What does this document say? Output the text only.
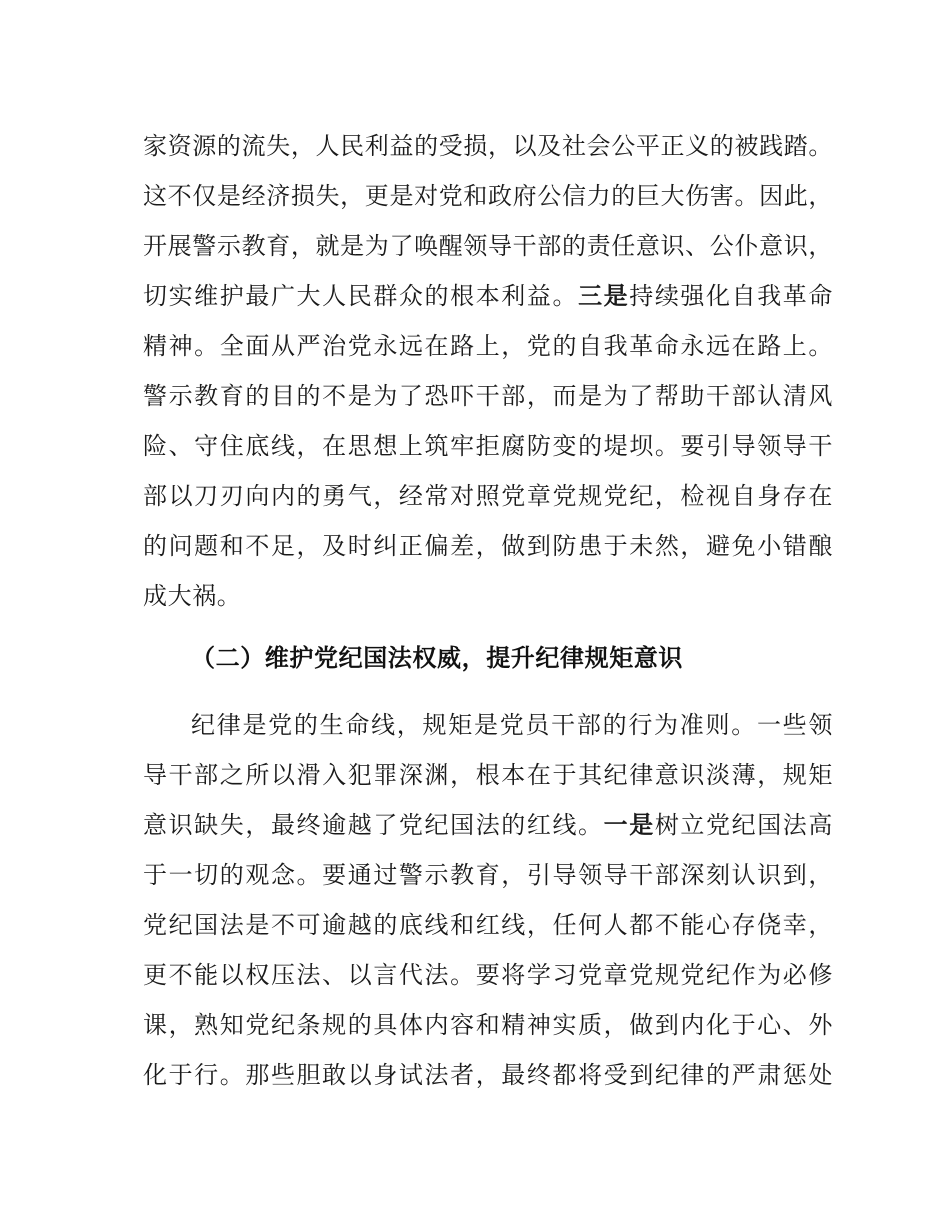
家资源的流失，人民利益的受损，以及社会公平正义的被践踏。
这不仅是经济损失，更是对党和政府公信力的巨大伤害。因此，
开展警示教育，就是为了唤醒领导干部的责任意识、公仆意识，
切实维护最广大人民群众的根本利益。三是持续强化自我革命
精神。全面从严治党永远在路上，党的自我革命永远在路上。
警示教育的目的不是为了恐吓干部，而是为了帮助干部认清风
险、守住底线，在思想上筑牢拒腐防变的堤坝。要引导领导干
部以刀刃向内的勇气，经常对照党章党规党纪，检视自身存在
的问题和不足，及时纠正偏差，做到防患于未然，避免小错酿
成大祸。
（二）维护党纪国法权威，提升纪律规矩意识
纪律是党的生命线，规矩是党员干部的行为准则。一些领
导干部之所以滑入犯罪深渊，根本在于其纪律意识淡薄，规矩
意识缺失，最终逾越了党纪国法的红线。一是树立党纪国法高
于一切的观念。要通过警示教育，引导领导干部深刻认识到，
党纪国法是不可逾越的底线和红线，任何人都不能心存侥幸，
更不能以权压法、以言代法。要将学习党章党规党纪作为必修
课，熟知党纪条规的具体内容和精神实质，做到内化于心、外
化于行。那些胆敢以身试法者，最终都将受到纪律的严肃惩处
